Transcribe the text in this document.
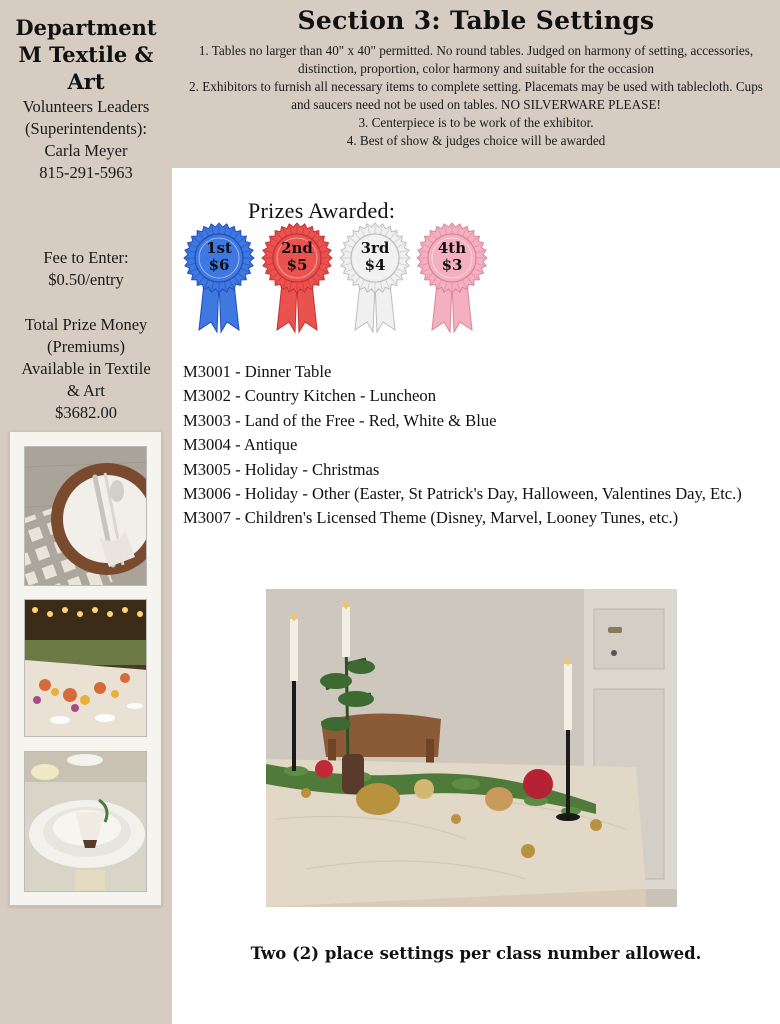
Department M Textile & Art
Volunteers Leaders (Superintendents):
Carla Meyer
815-291-5963
Fee to Enter:
$0.50/entry
Total Prize Money (Premiums) Available in Textile & Art
$3682.00
Section 3: Table Settings
1. Tables no larger than 40" x 40" permitted. No round tables. Judged on harmony of setting, accessories, distinction, proportion, color harmony and suitable for the occasion
2. Exhibitors to furnish all necessary items to complete setting. Placemats may be used with tablecloth. Cups and saucers need not be used on tables. NO SILVERWARE PLEASE!
3. Centerpiece is to be work of the exhibitor.
4. Best of show & judges choice will be awarded
Prizes Awarded:
1st
$6
2nd
$5
3rd
$4
4th
$3
M3001 - Dinner Table
M3002 - Country Kitchen - Luncheon
M3003 - Land of the Free - Red, White & Blue
M3004 - Antique
M3005 - Holiday - Christmas
M3006 - Holiday - Other (Easter, St Patrick's Day, Halloween, Valentines Day, Etc.)
M3007 - Children's Licensed Theme (Disney, Marvel, Looney Tunes, etc.)
Two (2) place settings per class number allowed.
